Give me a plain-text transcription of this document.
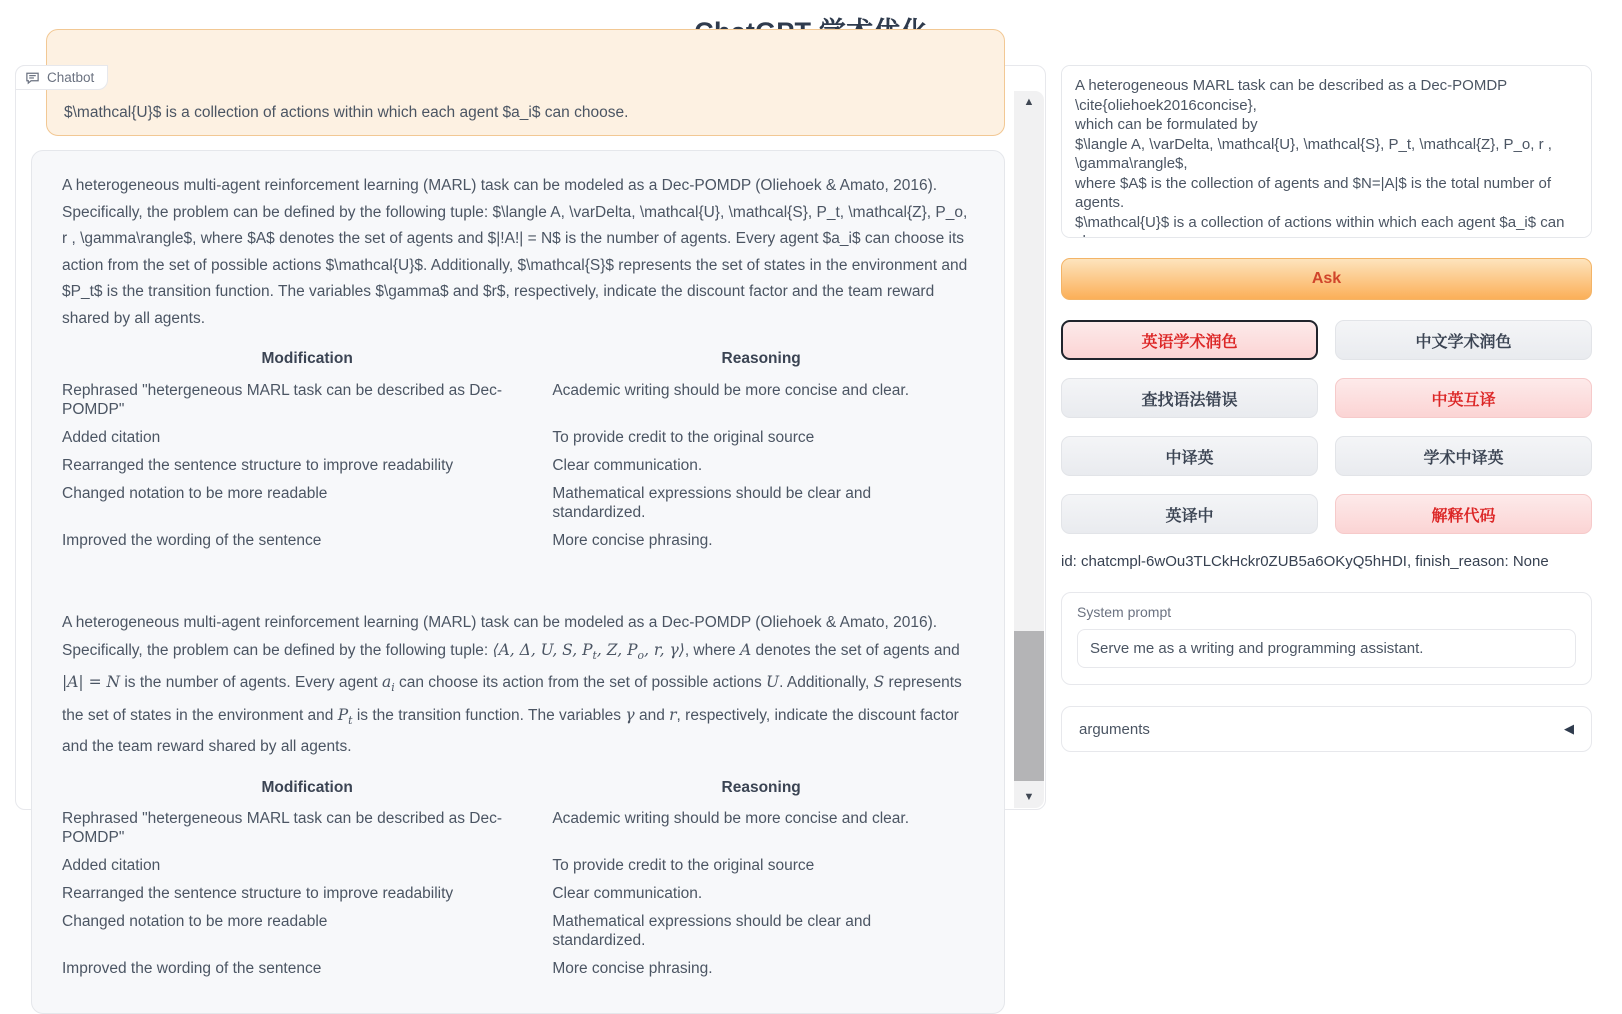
Chatbot
$\mathcal{U}$ is a collection of actions within which each agent $a_i$ can choose.
A heterogeneous multi-agent reinforcement learning (MARL) task can be modeled as a Dec-POMDP (Oliehoek & Amato, 2016). Specifically, the problem can be defined by the following tuple: $\langle A, \varDelta, \mathcal{U}, \mathcal{S}, P_t, \mathcal{Z}, P_o, r , \gamma\rangle$, where $A$ denotes the set of agents and $|!A!| = N$ is the number of agents. Every agent $a_i$ can choose its action from the set of possible actions $\mathcal{U}$. Additionally, $\mathcal{S}$ represents the set of states in the environment and $P_t$ is the transition function. The variables $\gamma$ and $r$, respectively, indicate the discount factor and the team reward shared by all agents.
Modification	Reasoning
Rephrased "hetergeneous MARL task can be described as Dec-POMDP"	Academic writing should be more concise and clear.
Added citation	To provide credit to the original source
Rearranged the sentence structure to improve readability	Clear communication.
Changed notation to be more readable	Mathematical expressions should be clear and standardized.
Improved the wording of the sentence	More concise phrasing.
A heterogeneous multi-agent reinforcement learning (MARL) task can be modeled as a Dec-POMDP (Oliehoek & Amato, 2016). Specifically, the problem can be defined by the following tuple: ⟨A, Δ, U, S, $P_t$, Z, $P_o$, r, γ⟩, where A denotes the set of agents and |A| = N is the number of agents. Every agent $a_i$ can choose its action from the set of possible actions U. Additionally, S represents the set of states in the environment and $P_t$ is the transition function. The variables γ and r, respectively, indicate the discount factor and the team reward shared by all agents.
Modification	Reasoning
Rephrased "hetergeneous MARL task can be described as Dec-POMDP"	Academic writing should be more concise and clear.
Added citation	To provide credit to the original source
Rearranged the sentence structure to improve readability	Clear communication.
Changed notation to be more readable	Mathematical expressions should be clear and standardized.
Improved the wording of the sentence	More concise phrasing.
▲
▼
A heterogeneous MARL task can be described as a Dec-POMDP \cite{oliehoek2016concise}, which can be formulated by $\langle A, \varDelta, \mathcal{U}, \mathcal{S}, P_t, \mathcal{Z}, P_o, r , \gamma\rangle$, where $A$ is the collection of agents and $N=|A|$ is the total number of agents. $\mathcal{U}$ is a collection of actions within which each agent $a_i$ can choose.
Ask
英语学术润色	中文学术润色
查找语法错误	中英互译
中译英	学术中译英
英译中	解释代码
id: chatcmpl-6wOu3TLCkHckr0ZUB5a6OKyQ5hHDI, finish_reason: None
System prompt
Serve me as a writing and programming assistant.
arguments	◀
